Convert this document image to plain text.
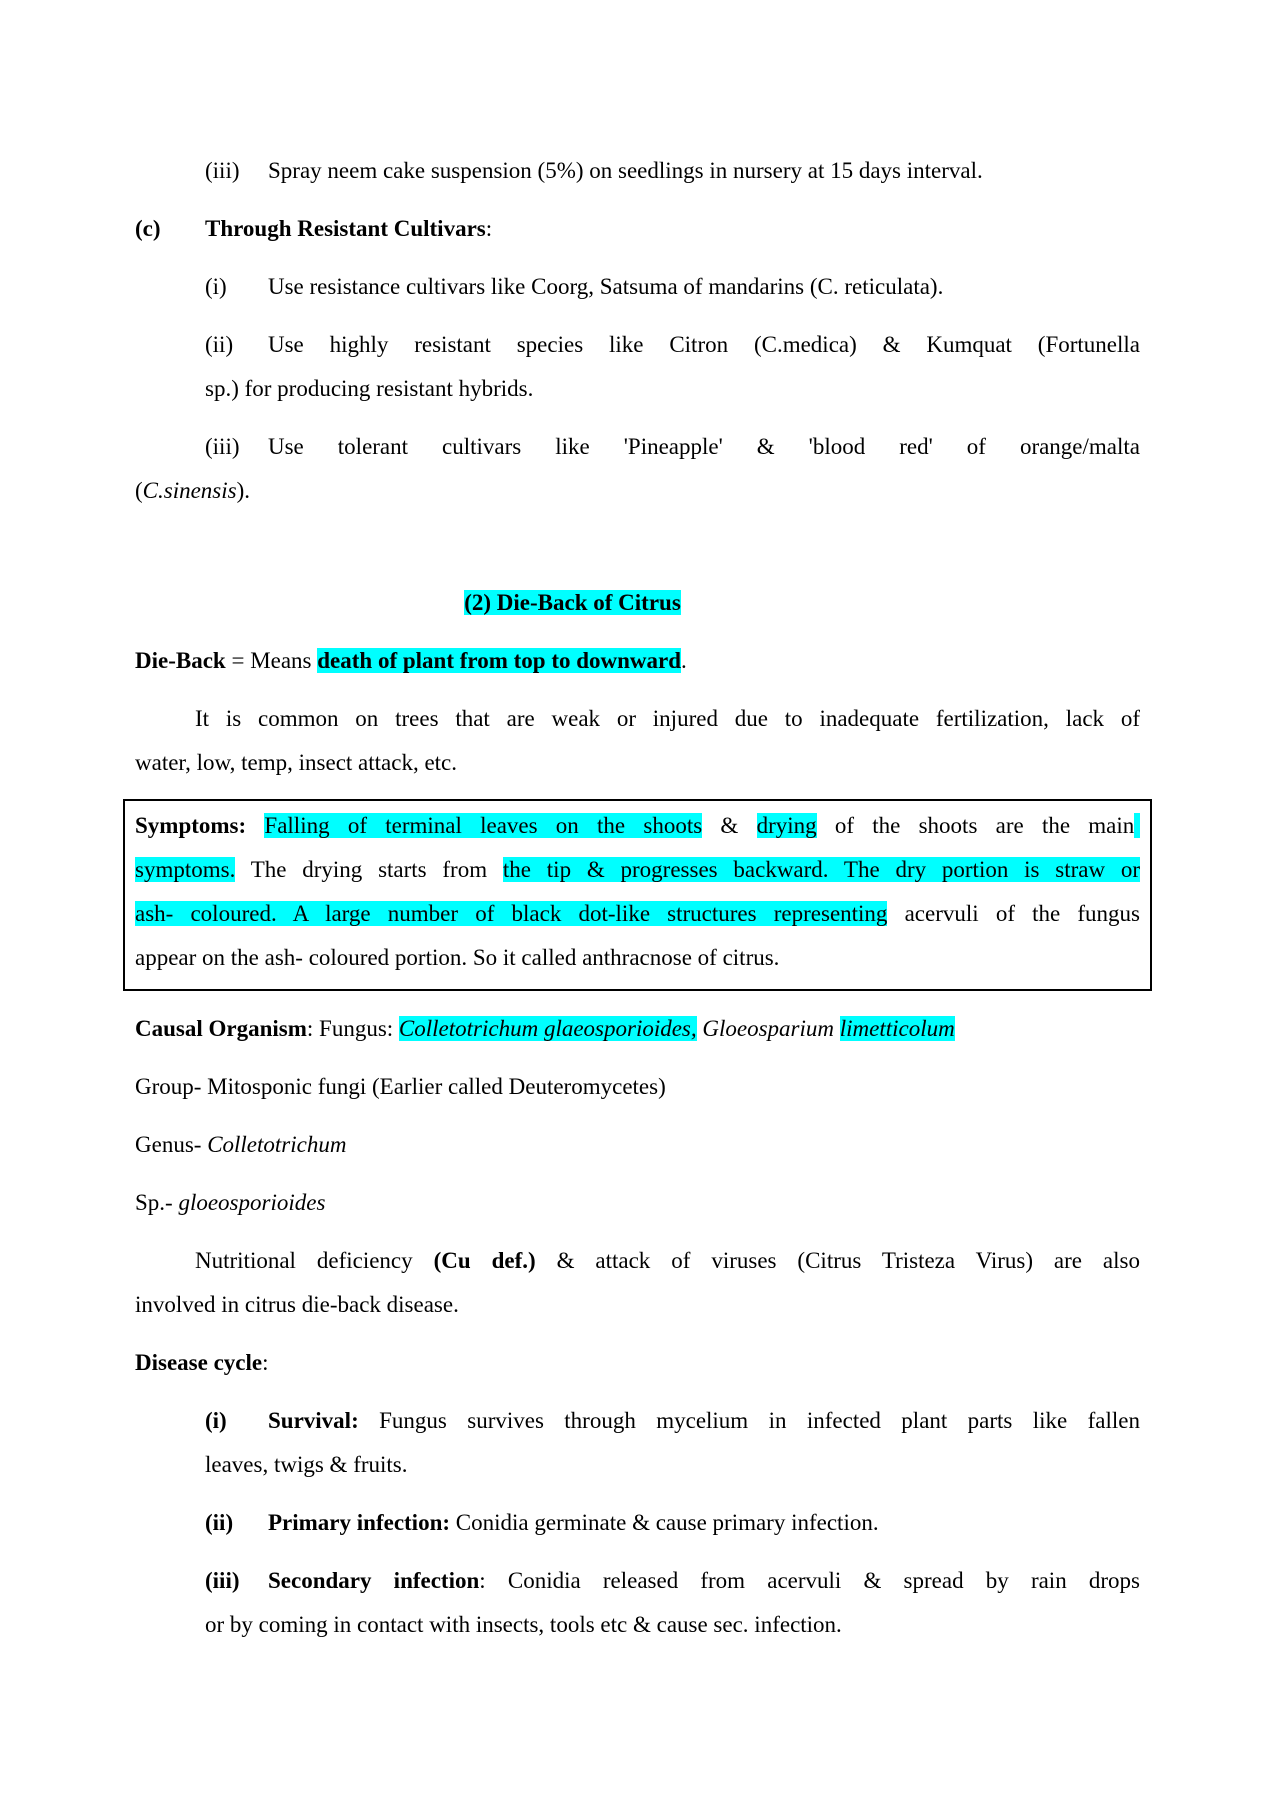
(iii) Spray neem cake suspension (5%) on seedlings in nursery at 15 days interval.
(c) Through Resistant Cultivars:
(i) Use resistance cultivars like Coorg, Satsuma of mandarins (C. reticulata).
(ii) Use highly resistant species like Citron (C.medica) & Kumquat (Fortunella
sp.) for producing resistant hybrids.
(iii) Use tolerant cultivars like 'Pineapple' & 'blood red' of orange/malta
(C.sinensis).
(2) Die-Back of Citrus
Die-Back = Means death of plant from top to downward.
It is common on trees that are weak or injured due to inadequate fertilization, lack of
water, low, temp, insect attack, etc.
Symptoms: Falling of terminal leaves on the shoots & drying of the shoots are the main
symptoms. The drying starts from the tip & progresses backward. The dry portion is straw or
ash- coloured. A large number of black dot-like structures representing acervuli of the fungus
appear on the ash- coloured portion. So it called anthracnose of citrus.
Causal Organism: Fungus: Colletotrichum glaeosporioides, Gloeosparium limetticolum
Group- Mitosponic fungi (Earlier called Deuteromycetes)
Genus- Colletotrichum
Sp.- gloeosporioides
Nutritional deficiency (Cu def.) & attack of viruses (Citrus Tristeza Virus) are also
involved in citrus die-back disease.
Disease cycle:
(i) Survival: Fungus survives through mycelium in infected plant parts like fallen
leaves, twigs & fruits.
(ii) Primary infection: Conidia germinate & cause primary infection.
(iii) Secondary infection: Conidia released from acervuli & spread by rain drops
or by coming in contact with insects, tools etc & cause sec. infection.
